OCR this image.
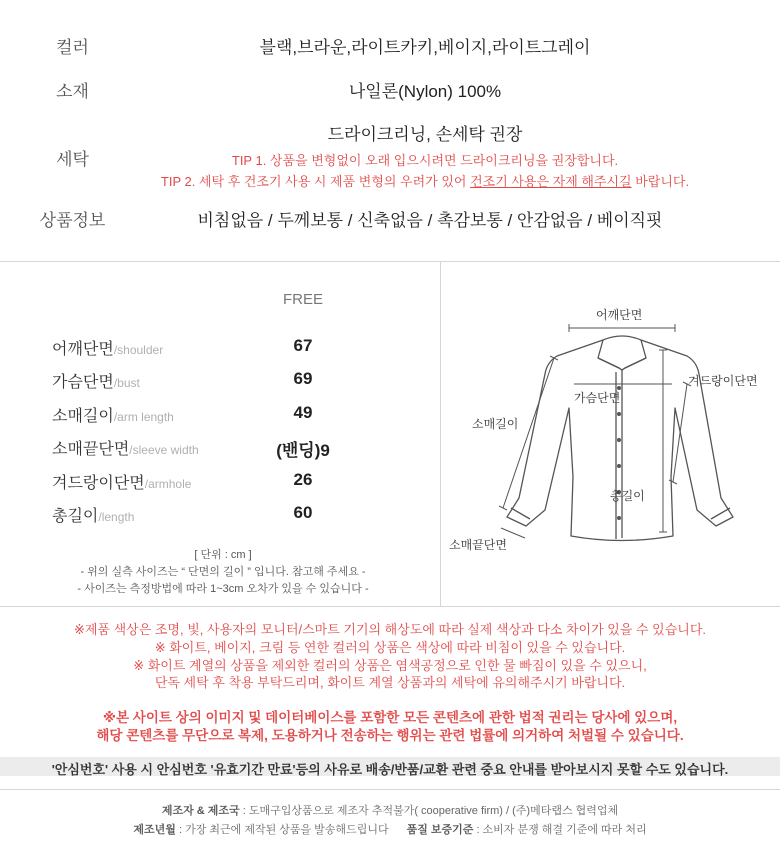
컬러	블랙,브라운,라이트카키,베이지,라이트그레이
소재	나일론(Nylon) 100%
드라이크리닝, 손세탁 권장
세탁	TIP 1. 상품을 변형없이 오래 입으시려면 드라이크리닝을 권장합니다.
TIP 2. 세탁 후 건조기 사용 시 제품 변형의 우려가 있어 건조기 사용은 자제 해주시길 바랍니다.
상품정보	비침없음 / 두께보통 / 신축없음 / 촉감보통 / 안감없음 / 베이직핏
FREE
어깨단면/shoulder	67
가슴단면/bust	69
소매길이/arm length	49
소매끝단면/sleeve width	(밴딩)9
겨드랑이단면/armhole	26
총길이/length	60
[ 단위 : cm ]
- 위의 실측 사이즈는 “ 단면의 길이 ” 입니다. 참고해 주세요 -
- 사이즈는 측정방법에 따라 1~3cm 오차가 있을 수 있습니다 -
어깨단면
겨드랑이단면
가슴단면
소매길이
총길이
소매끝단면
※제품 색상은 조명, 빛, 사용자의 모니터/스마트 기기의 해상도에 따라 실제 색상과 다소 차이가 있을 수 있습니다.
※ 화이트, 베이지, 크림 등 연한 컬러의 상품은 색상에 따라 비침이 있을 수 있습니다.
※ 화이트 계열의 상품을 제외한 컬러의 상품은 염색공정으로 인한 물 빠짐이 있을 수 있으니,
단독 세탁 후 착용 부탁드리며, 화이트 계열 상품과의 세탁에 유의해주시기 바랍니다.
※본 사이트 상의 이미지 및 데이터베이스를 포함한 모든 콘텐츠에 관한 법적 권리는 당사에 있으며,
해당 콘텐츠를 무단으로 복제, 도용하거나 전송하는 행위는 관련 법률에 의거하여 처벌될 수 있습니다.
'안심번호' 사용 시 안심번호 '유효기간 만료'등의 사유로 배송/반품/교환 관련 중요 안내를 받아보시지 못할 수도 있습니다.
제조자 & 제조국 : 도매구입상품으로 제조자 추적불가( cooperative firm) / (주)메타랩스 협력업체
제조년월 : 가장 최근에 제작된 상품을 발송해드립니다 품질 보증기준 : 소비자 분쟁 해결 기준에 따라 처리
